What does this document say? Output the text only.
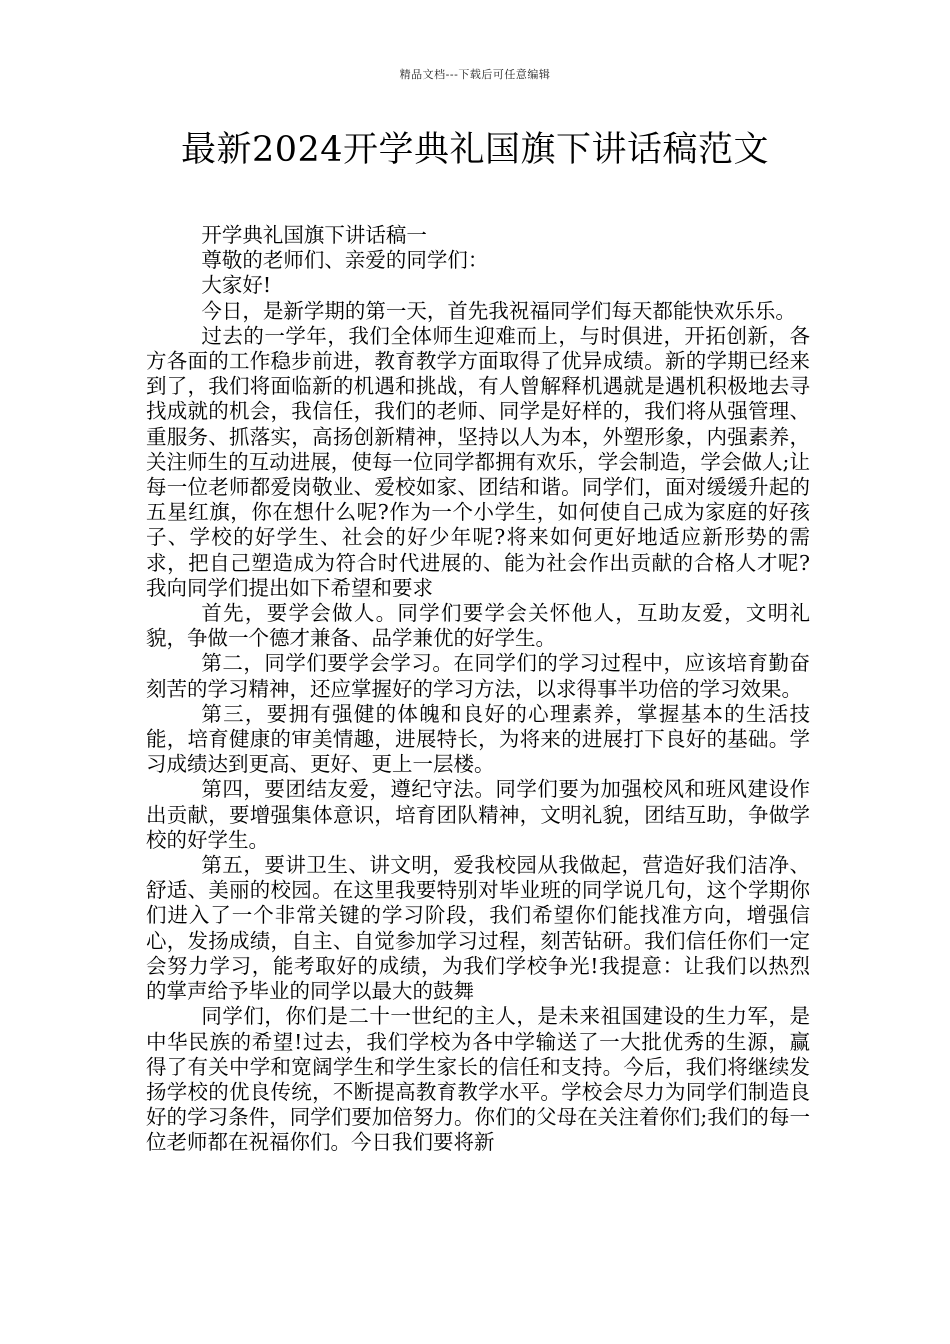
精品文档---下载后可任意编辑
最新2024开学典礼国旗下讲话稿范文

开学典礼国旗下讲话稿一

尊敬的老师们、亲爱的同学们：

大家好!

今日，是新学期的第一天，首先我祝福同学们每天都能快欢乐乐。

过去的一学年，我们全体师生迎难而上，与时俱进，开拓创新，各方各面的工作稳步前进，教育教学方面取得了优异成绩。新的学期已经来到了，我们将面临新的机遇和挑战，有人曾解释机遇就是遇机积极地去寻找成就的机会，我信任，我们的老师、同学是好样的，我们将从强管理、重服务、抓落实，高扬创新精神，坚持以人为本，外塑形象，内强素养，关注师生的互动进展，使每一位同学都拥有欢乐，学会制造，学会做人;让每一位老师都爱岗敬业、爱校如家、团结和谐。同学们，面对缓缓升起的五星红旗，你在想什么呢?作为一个小学生，如何使自己成为家庭的好孩子、学校的好学生、社会的好少年呢?将来如何更好地适应新形势的需求，把自己塑造成为符合时代进展的、能为社会作出贡献的合格人才呢?我向同学们提出如下希望和要求

首先，要学会做人。同学们要学会关怀他人，互助友爱，文明礼貌，争做一个德才兼备、品学兼优的好学生。

第二，同学们要学会学习。在同学们的学习过程中，应该培育勤奋刻苦的学习精神，还应掌握好的学习方法，以求得事半功倍的学习效果。

第三，要拥有强健的体魄和良好的心理素养，掌握基本的生活技能，培育健康的审美情趣，进展特长，为将来的进展打下良好的基础。学习成绩达到更高、更好、更上一层楼。

第四，要团结友爱，遵纪守法。同学们要为加强校风和班风建设作出贡献，要增强集体意识，培育团队精神，文明礼貌，团结互助，争做学校的好学生。

第五，要讲卫生、讲文明，爱我校园从我做起，营造好我们洁净、舒适、美丽的校园。在这里我要特别对毕业班的同学说几句，这个学期你们进入了一个非常关键的学习阶段，我们希望你们能找准方向，增强信心，发扬成绩，自主、自觉参加学习过程，刻苦钻研。我们信任你们一定会努力学习，能考取好的成绩，为我们学校争光!我提意：让我们以热烈的掌声给予毕业的同学以最大的鼓舞

同学们，你们是二十一世纪的主人，是未来祖国建设的生力军，是中华民族的希望!过去，我们学校为各中学输送了一大批优秀的生源，赢得了有关中学和宽阔学生和学生家长的信任和支持。今后，我们将继续发扬学校的优良传统，不断提高教育教学水平。学校会尽力为同学们制造良好的学习条件，同学们要加倍努力。你们的父母在关注着你们;我们的每一位老师都在祝福你们。今日我们要将新
